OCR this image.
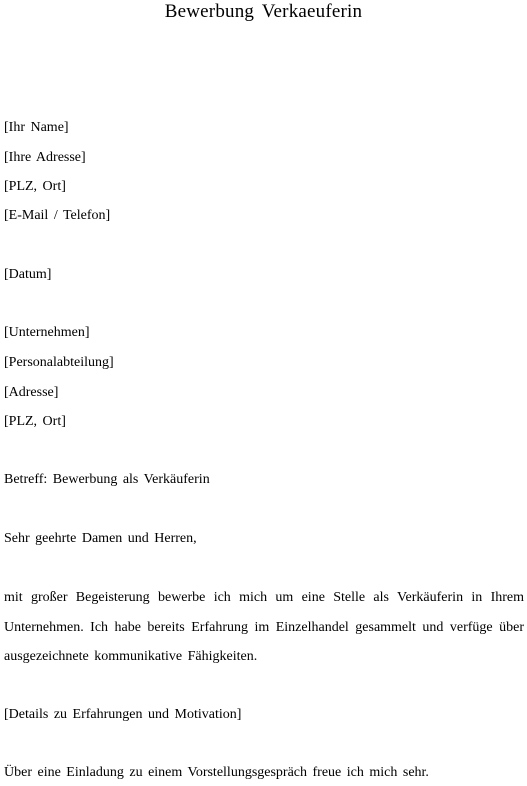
Bewerbung Verkaeuferin
[Ihr Name]
[Ihre Adresse]
[PLZ, Ort]
[E-Mail / Telefon]
[Datum]
[Unternehmen]
[Personalabteilung]
[Adresse]
[PLZ, Ort]
Betreff: Bewerbung als Verkäuferin
Sehr geehrte Damen und Herren,
mit großer Begeisterung bewerbe ich mich um eine Stelle als Verkäuferin in Ihrem
Unternehmen. Ich habe bereits Erfahrung im Einzelhandel gesammelt und verfüge über
ausgezeichnete kommunikative Fähigkeiten.
[Details zu Erfahrungen und Motivation]
Über eine Einladung zu einem Vorstellungsgespräch freue ich mich sehr.
